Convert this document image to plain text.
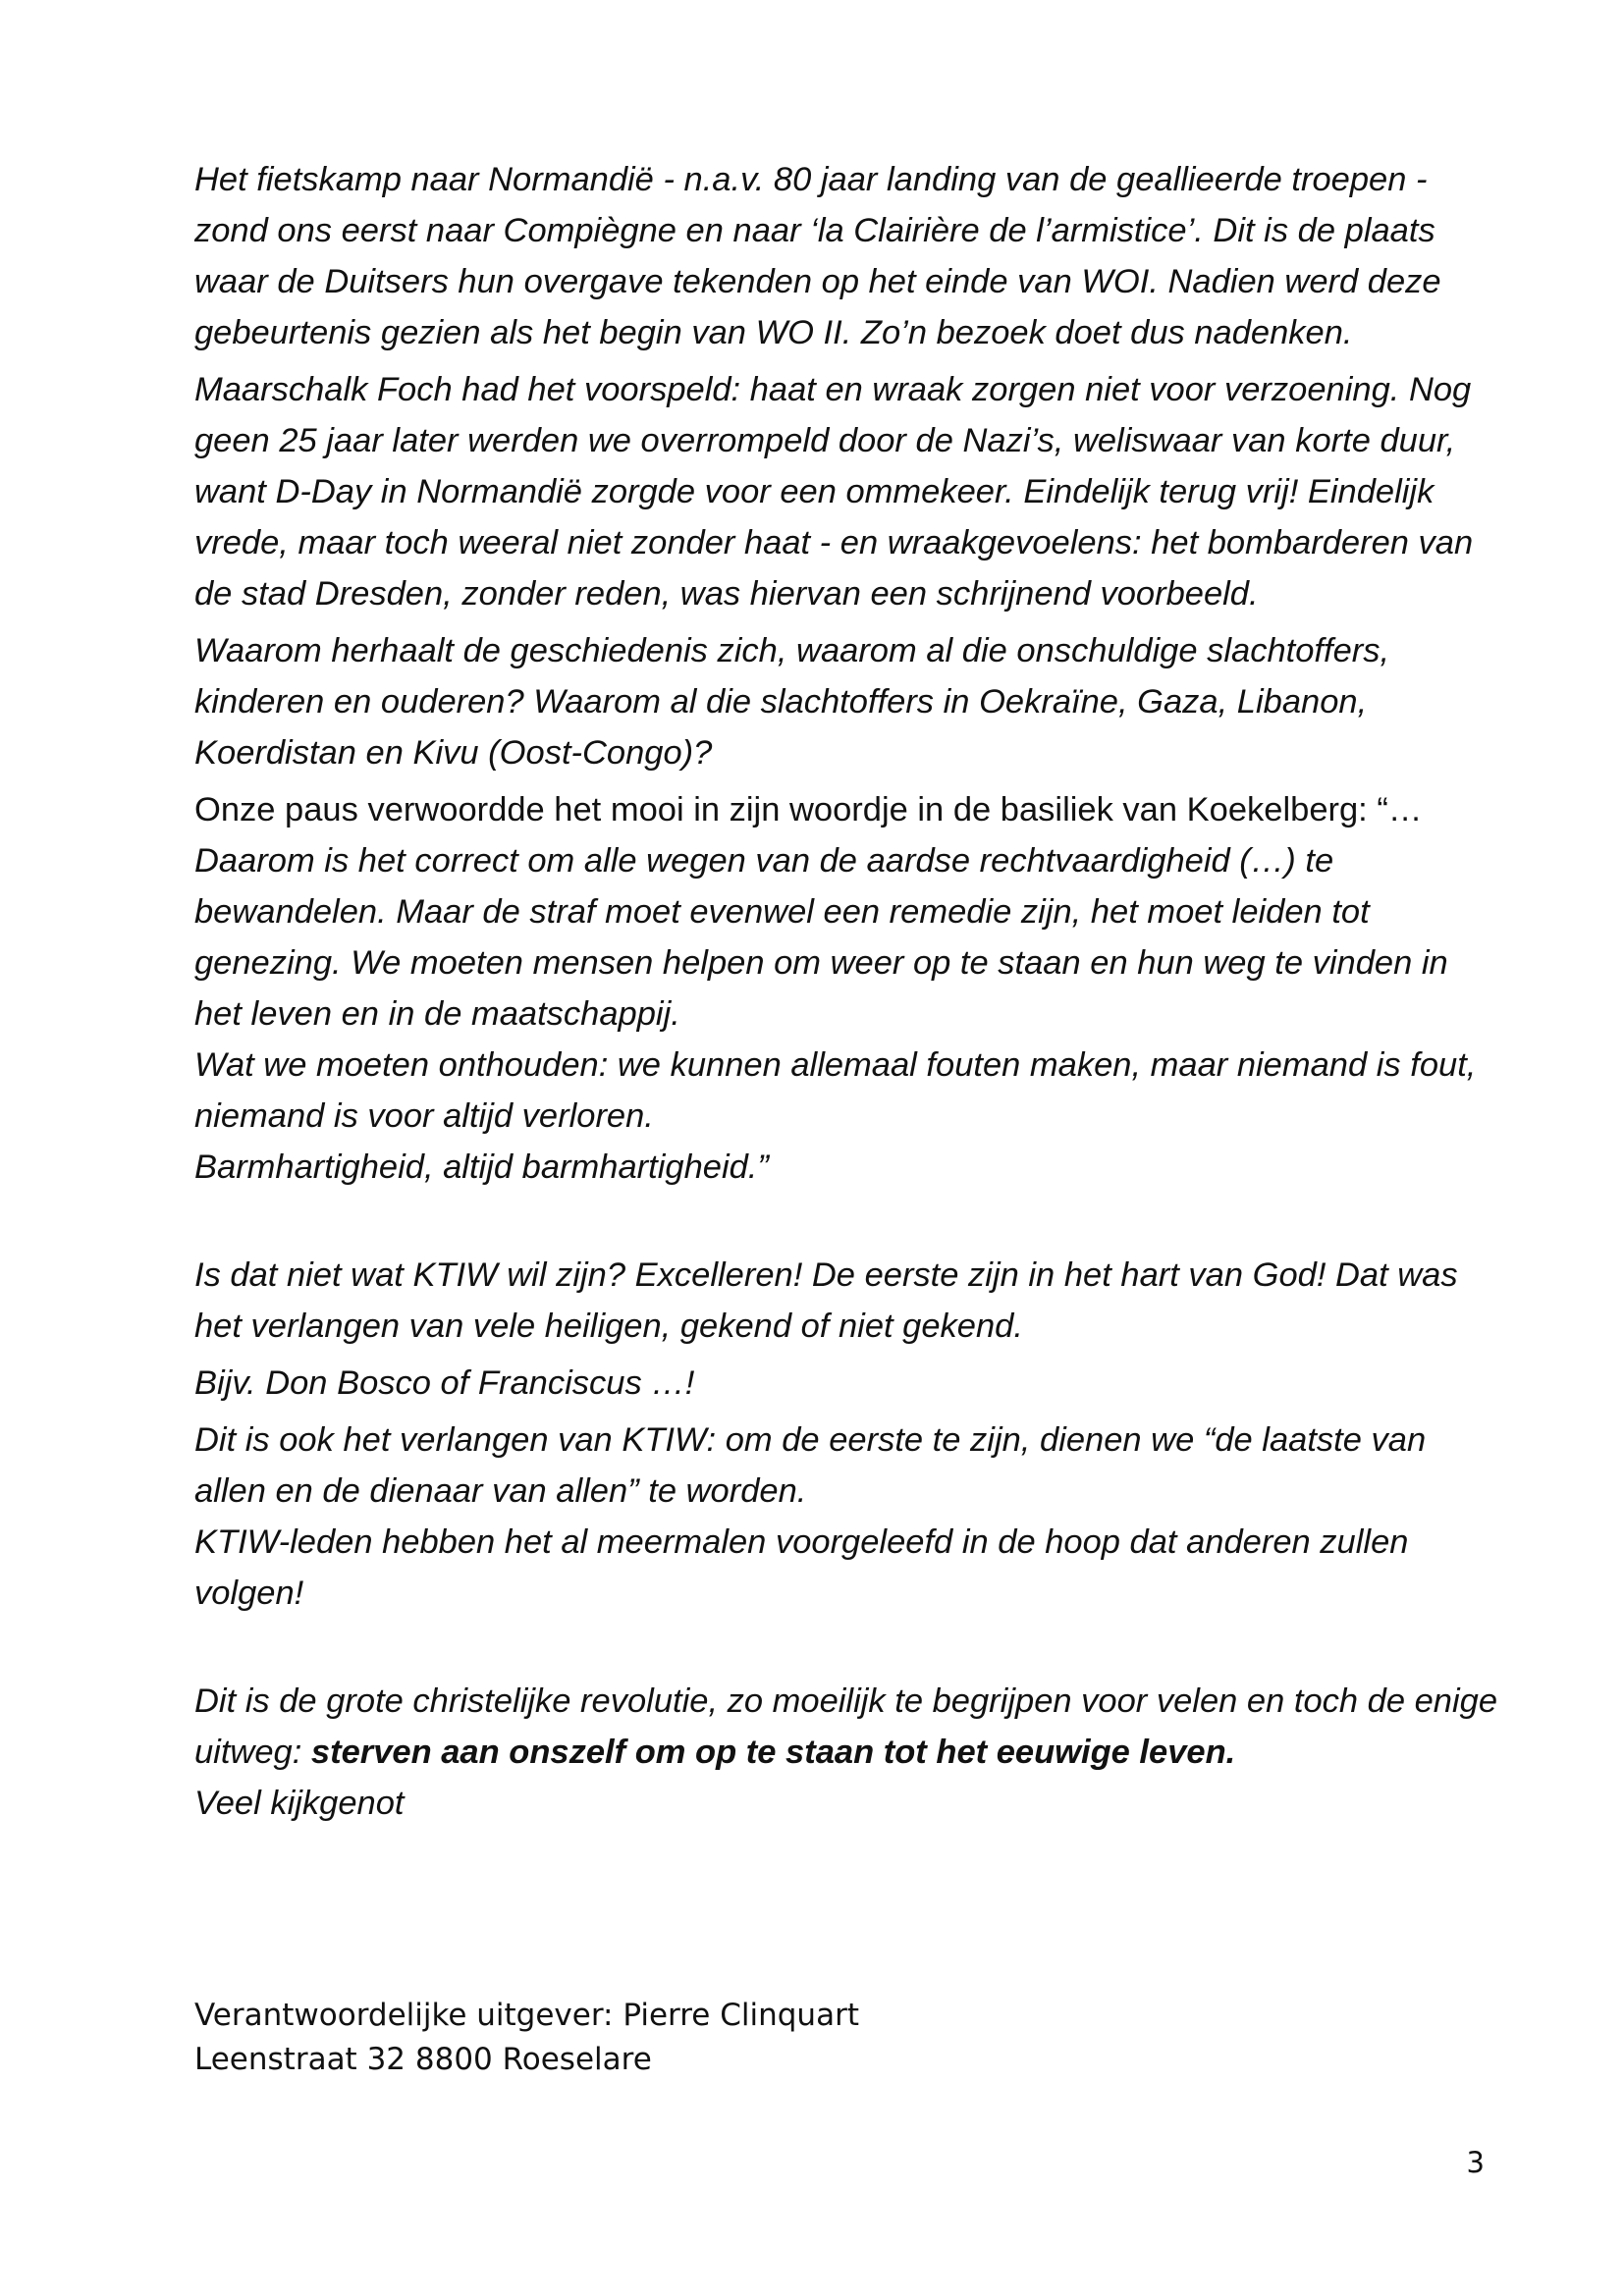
Het fietskamp naar Normandië - n.a.v. 80 jaar landing van de geallieerde troepen - zond ons eerst naar Compiègne en naar ‘la Clairière de l’armistice’. Dit is de plaats waar de Duitsers hun overgave tekenden op het einde van WOI. Nadien werd deze gebeurtenis gezien als het begin van WO II. Zo’n bezoek doet dus nadenken.

Maarschalk Foch had het voorspeld: haat en wraak zorgen niet voor verzoening. Nog geen 25 jaar later werden we overrompeld door de Nazi’s, weliswaar van korte duur, want D-Day in Normandië zorgde voor een ommekeer. Eindelijk terug vrij! Eindelijk vrede, maar toch weeral niet zonder haat - en wraakgevoelens: het bombarderen van de stad Dresden, zonder reden, was hiervan een schrijnend voorbeeld.

Waarom herhaalt de geschiedenis zich, waarom al die onschuldige slachtoffers, kinderen en ouderen? Waarom al die slachtoffers in Oekraïne, Gaza, Libanon, Koerdistan en Kivu (Oost-Congo)?

Onze paus verwoordde het mooi in zijn woordje in de basiliek van Koekelberg: “… Daarom is het correct om alle wegen van de aardse rechtvaardigheid (…) te bewandelen. Maar de straf moet evenwel een remedie zijn, het moet leiden tot genezing. We moeten mensen helpen om weer op te staan en hun weg te vinden in het leven en in de maatschappij.

Wat we moeten onthouden: we kunnen allemaal fouten maken, maar niemand is fout, niemand is voor altijd verloren.
Barmhartigheid, altijd barmhartigheid.”

Is dat niet wat KTIW wil zijn? Excelleren! De eerste zijn in het hart van God! Dat was het verlangen van vele heiligen, gekend of niet gekend.

Bijv. Don Bosco of Franciscus …!

Dit is ook het verlangen van KTIW: om de eerste te zijn, dienen we “de laatste van allen en de dienaar van allen” te worden.
KTIW-leden hebben het al meermalen voorgeleefd in de hoop dat anderen zullen volgen!

Dit is de grote christelijke revolutie, zo moeilijk te begrijpen voor velen en toch de enige uitweg: sterven aan onszelf om op te staan tot het eeuwige leven.

Veel kijkgenot

Verantwoordelijke uitgever: Pierre Clinquart
Leenstraat 32 8800 Roeselare
3
